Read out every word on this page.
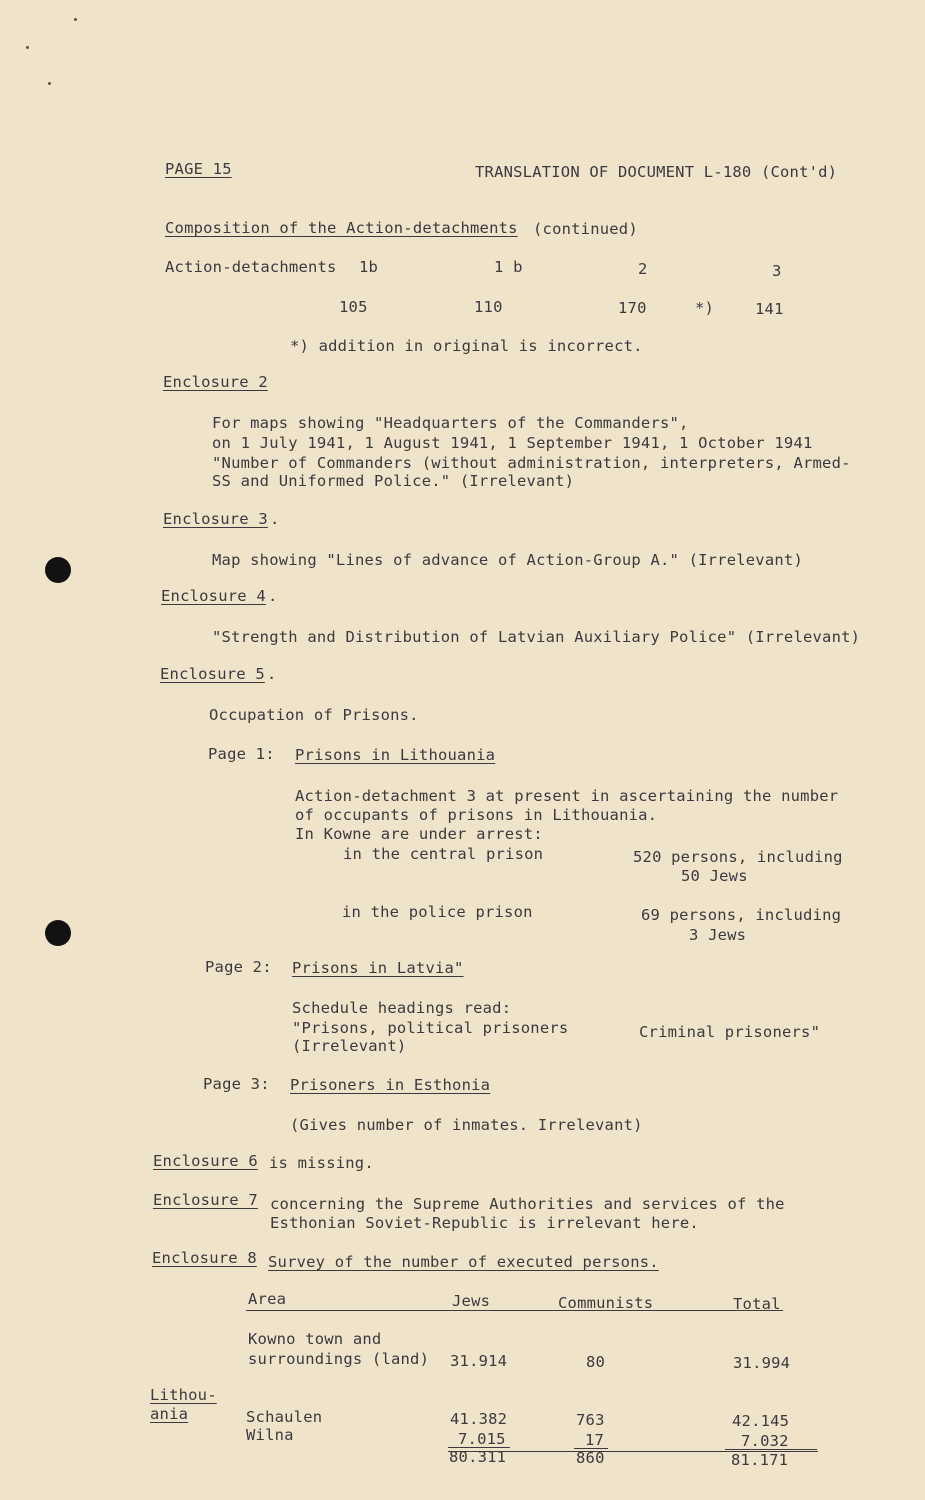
PAGE 15	TRANSLATION OF DOCUMENT L-180 (Cont'd)
Composition of the Action-detachments (continued)
Action-detachments 1b	1 b	2	3
105	110	170	*)	141
*) addition in original is incorrect.
Enclosure 2
For maps showing "Headquarters of the Commanders",
on 1 July 1941, 1 August 1941, 1 September 1941, 1 October 1941
"Number of Commanders (without administration, interpreters, Armed-
SS and Uniformed Police." (Irrelevant)
Enclosure 3 .
Map showing "Lines of advance of Action-Group A." (Irrelevant)
Enclosure 4 .
"Strength and Distribution of Latvian Auxiliary Police" (Irrelevant)
Enclosure 5 .
Occupation of Prisons.
Page 1: Prisons in Lithouania
Action-detachment 3 at present in ascertaining the number
of occupants of prisons in Lithouania.
In Kowne are under arrest:
in the central prison	520 persons, including
50 Jews
in the police prison	69 persons, including
3 Jews
Page 2: Prisons in Latvia"
Schedule headings read:
"Prisons, political prisoners	Criminal prisoners"
(Irrelevant)
Page 3: Prisoners in Esthonia
(Gives number of inmates. Irrelevant)
Enclosure 6 is missing.
Enclosure 7 concerning the Supreme Authorities and services of the
Esthonian Soviet-Republic is irrelevant here.
Enclosure 8 Survey of the number of executed persons.
Area	Jews	Communists	Total
Kowno town and
surroundings (land) 31.914	80	31.994
Lithou-
ania	Schaulen	41.382	763	42.145
Wilna	7.015	17	7.032
80.311	860	81.171
